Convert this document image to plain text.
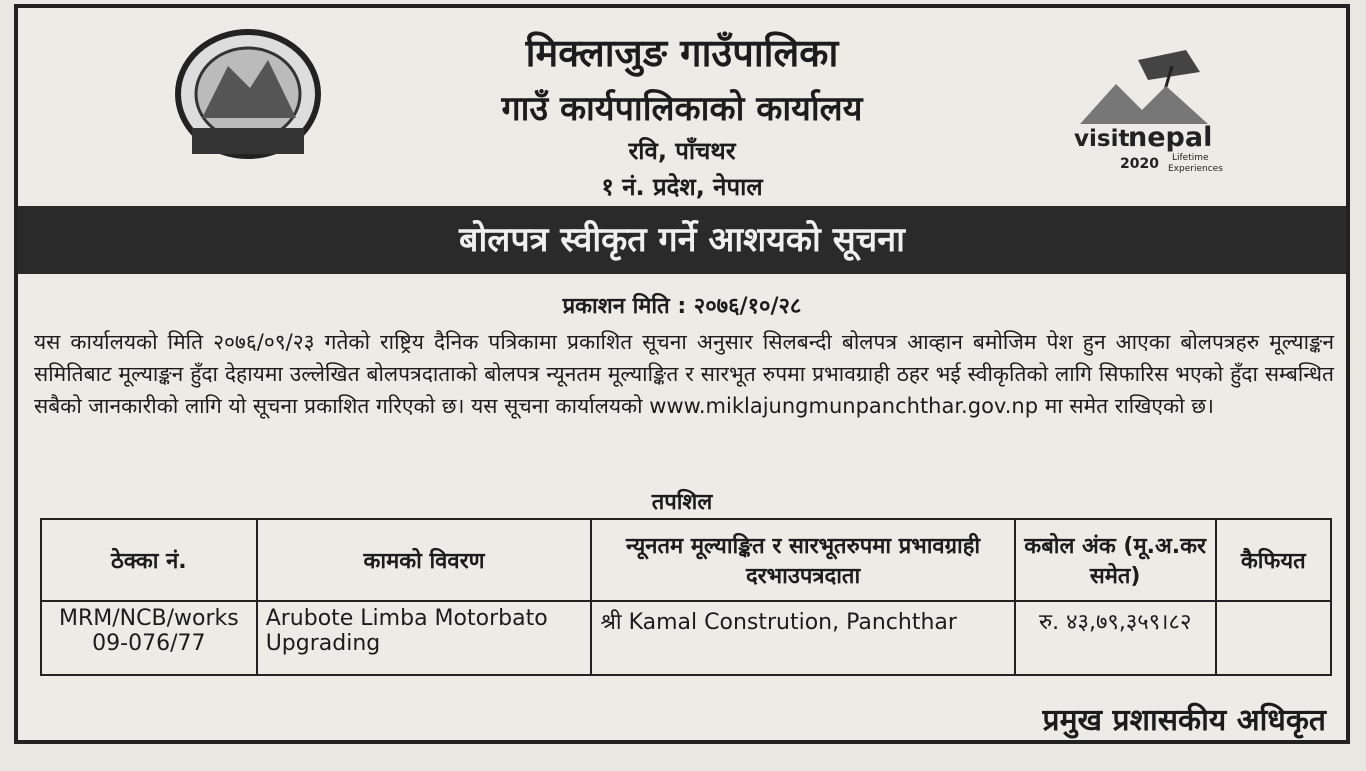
मिक्लाजुङ गाउँपालिका
गाउँ कार्यपालिकाको कार्यालय
रवि, पाँचथर
१ नं. प्रदेश, नेपाल
visit
nepal
2020 Lifetime
Experiences
बोलपत्र स्वीकृत गर्ने आशयको सूचना
प्रकाशन मिति : २०७६/१०/२८
यस कार्यालयको मिति २०७६/०९/२३ गतेको राष्ट्रिय दैनिक पत्रिकामा प्रकाशित सूचना अनुसार सिलबन्दी बोलपत्र आव्हान बमोजिम पेश हुन आएका बोलपत्रहरु मूल्याङ्कन समितिबाट मूल्याङ्कन हुँदा देहायमा उल्लेखित बोलपत्रदाताको बोलपत्र न्यूनतम मूल्याङ्कित र सारभूत रुपमा प्रभावग्राही ठहर भई स्वीकृतिको लागि सिफारिस भएको हुँदा सम्बन्धित सबैको जानकारीको लागि यो सूचना प्रकाशित गरिएको छ। यस सूचना कार्यालयको www.miklajungmunpanchthar.gov.np मा समेत राखिएको छ।
तपशिल
ठेक्का नं.	कामको विवरण	न्यूनतम मूल्याङ्कित र सारभूतरुपमा प्रभावग्राही दरभाउपत्रदाता	कबोल अंक (मू.अ.कर समेत)	कैफियत
MRM/NCB/works 09-076/77	Arubote Limba Motorbato Upgrading	श्री Kamal Constrution, Panchthar	रु. ४३,७९,३५९।८२	
प्रमुख प्रशासकीय अधिकृत
